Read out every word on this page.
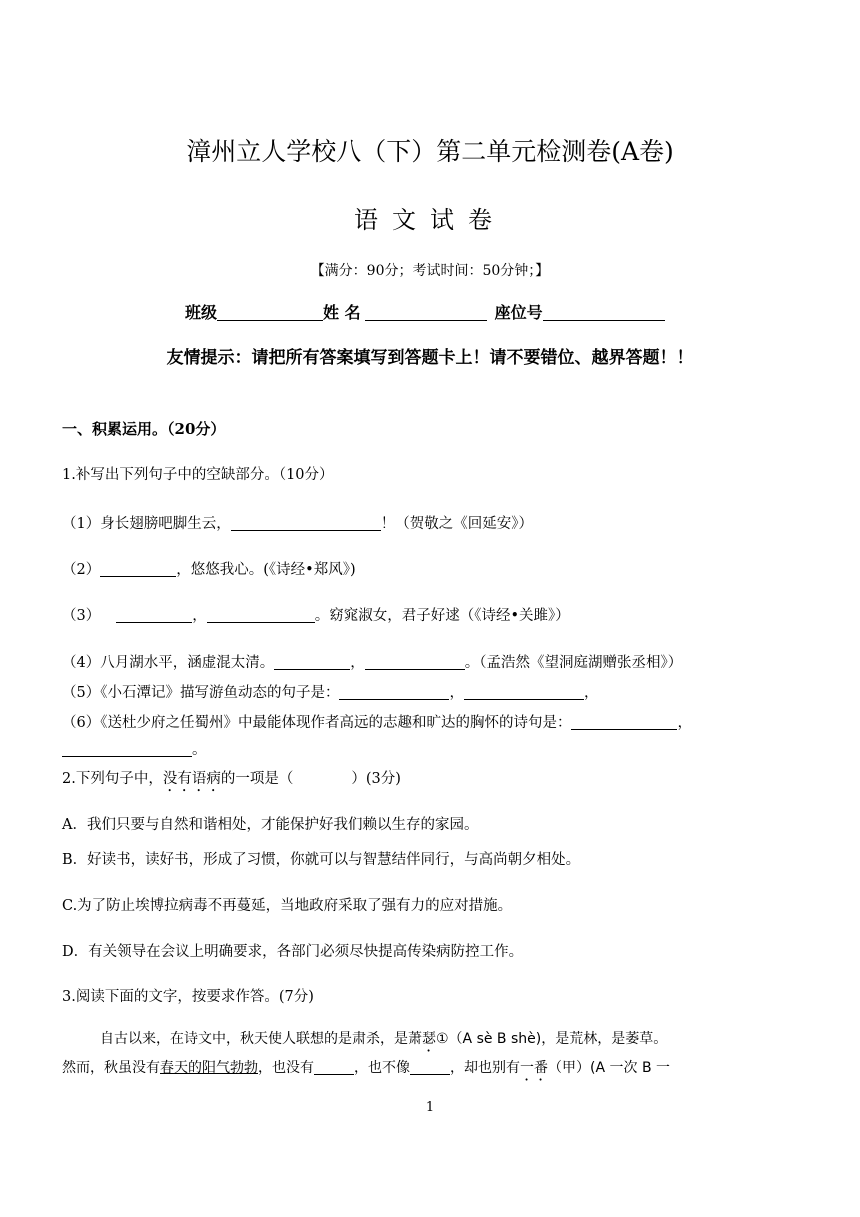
漳州立人学校八（下）第二单元检测卷(A卷)
语文试卷
【满分：90分；考试时间：50分钟；】
班级	姓 名	座位号
友情提示：请把所有答案填写到答题卡上！请不要错位、越界答题！！
一、积累运用。（20分）
1.补写出下列句子中的空缺部分。（10分）
（1）身长翅膀吧脚生云，	！（贺敬之《回延安》）
（2）	，悠悠我心。(《诗经•郑风》)
（3）	，	。窈窕淑女，君子好逑（《诗经•关雎》）
（4）八月湖水平，涵虚混太清。	，	。（孟浩然《望洞庭湖赠张丞相》）
（5）《小石潭记》描写游鱼动态的句子是：	，	，
（6）《送杜少府之任蜀州》中最能体现作者高远的志趣和旷达的胸怀的诗句是：	，
。
2.下列句子中，没有语病的一项是（　　　　）(3分)
A．我们只要与自然和谐相处，才能保护好我们赖以生存的家园。
B．好读书，读好书，形成了习惯，你就可以与智慧结伴同行，与高尚朝夕相处。
C.为了防止埃博拉病毒不再蔓延，当地政府采取了强有力的应对措施。
D．有关领导在会议上明确要求，各部门必须尽快提高传染病防控工作。
3.阅读下面的文字，按要求作答。(7分)
自古以来，在诗文中，秋天使人联想的是肃杀，是萧瑟①（A sè B shè)，是荒林，是萎草。
然而，秋虽没有春天的阳气勃勃，也没有	，也不像	，却也别有一番（甲）(A 一次 B 一
1
